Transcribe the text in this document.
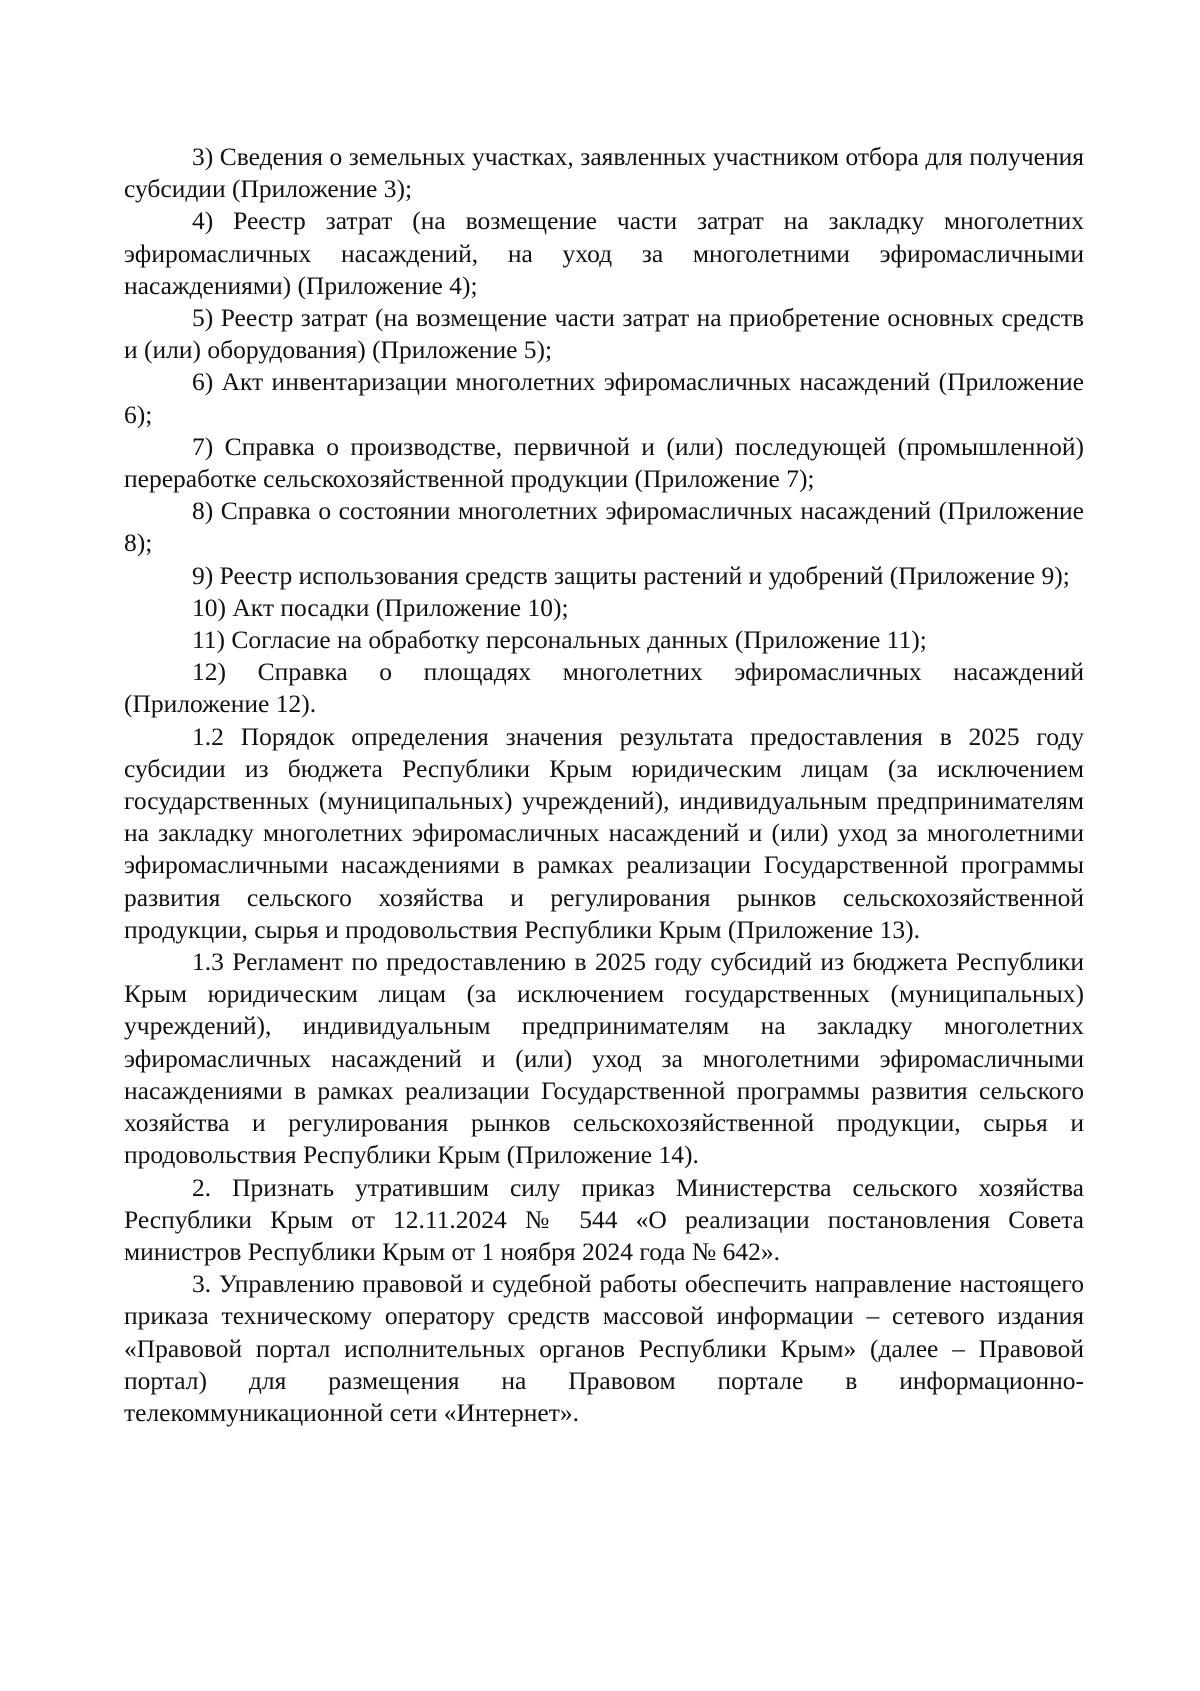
3) Сведения о земельных участках, заявленных участником отбора для получения субсидии (Приложение 3);

4) Реестр затрат (на возмещение части затрат на закладку многолетних эфиромасличных насаждений, на уход за многолетними эфиромасличными насаждениями) (Приложение 4);

5) Реестр затрат (на возмещение части затрат на приобретение основных средств и (или) оборудования) (Приложение 5);

6) Акт инвентаризации многолетних эфиромасличных насаждений (Приложение 6);

7) Справка о производстве, первичной и (или) последующей (промышленной) переработке сельскохозяйственной продукции (Приложение 7);

8) Справка о состоянии многолетних эфиромасличных насаждений (Приложение 8);

9) Реестр использования средств защиты растений и удобрений (Приложение 9);

10) Акт посадки (Приложение 10);

11) Согласие на обработку персональных данных (Приложение 11);

12) Справка о площадях многолетних эфиромасличных насаждений (Приложение 12).

1.2 Порядок определения значения результата предоставления в 2025 году субсидии из бюджета Республики Крым юридическим лицам (за исключением государственных (муниципальных) учреждений), индивидуальным предпринимателям на закладку многолетних эфиромасличных насаждений и (или) уход за многолетними эфиромасличными насаждениями в рамках реализации Государственной программы развития сельского хозяйства и регулирования рынков сельскохозяйственной продукции, сырья и продовольствия Республики Крым (Приложение 13).

1.3 Регламент по предоставлению в 2025 году субсидий из бюджета Республики Крым юридическим лицам (за исключением государственных (муниципальных) учреждений), индивидуальным предпринимателям на закладку многолетних эфиромасличных насаждений и (или) уход за многолетними эфиромасличными насаждениями в рамках реализации Государственной программы развития сельского хозяйства и регулирования рынков сельскохозяйственной продукции, сырья и продовольствия Республики Крым (Приложение 14).

2. Признать утратившим силу приказ Министерства сельского хозяйства Республики Крым от 12.11.2024 № 544 «О реализации постановления Совета министров Республики Крым от 1 ноября 2024 года № 642».

3. Управлению правовой и судебной работы обеспечить направление настоящего приказа техническому оператору средств массовой информации – сетевого издания «Правовой портал исполнительных органов Республики Крым» (далее – Правовой портал) для размещения на Правовом портале в информационно-телекоммуникационной сети «Интернет».
